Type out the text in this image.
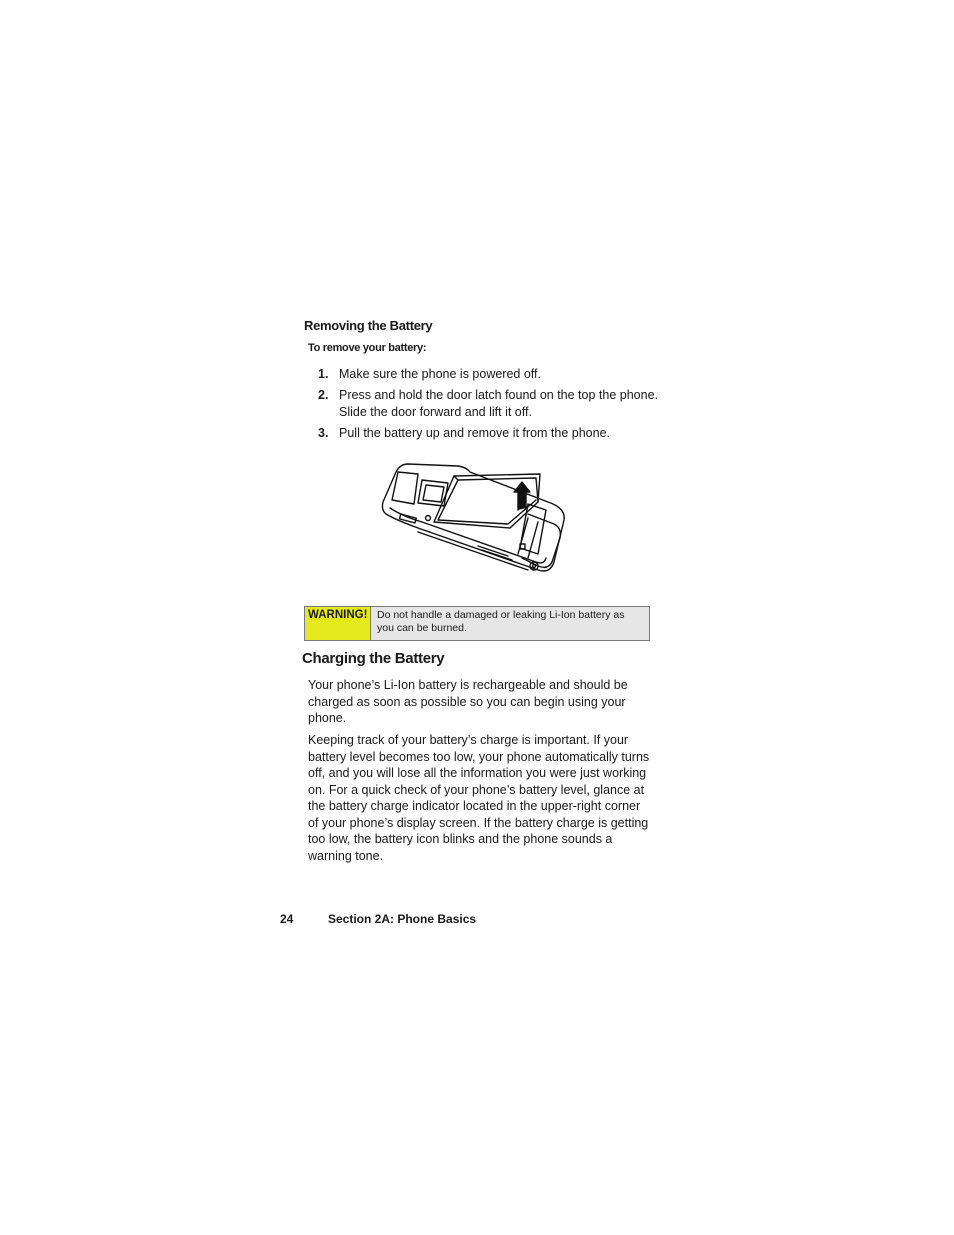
Removing the Battery
To remove your battery:
1. Make sure the phone is powered off.
2. Press and hold the door latch found on the top the phone. Slide the door forward and lift it off.
3. Pull the battery up and remove it from the phone.
WARNING! Do not handle a damaged or leaking Li-Ion battery as you can be burned.
Charging the Battery
Your phone’s Li-Ion battery is rechargeable and should be charged as soon as possible so you can begin using your phone.
Keeping track of your battery’s charge is important. If your battery level becomes too low, your phone automatically turns off, and you will lose all the information you were just working on. For a quick check of your phone’s battery level, glance at the battery charge indicator located in the upper-right corner of your phone’s display screen. If the battery charge is getting too low, the battery icon blinks and the phone sounds a warning tone.
24	Section 2A: Phone Basics
